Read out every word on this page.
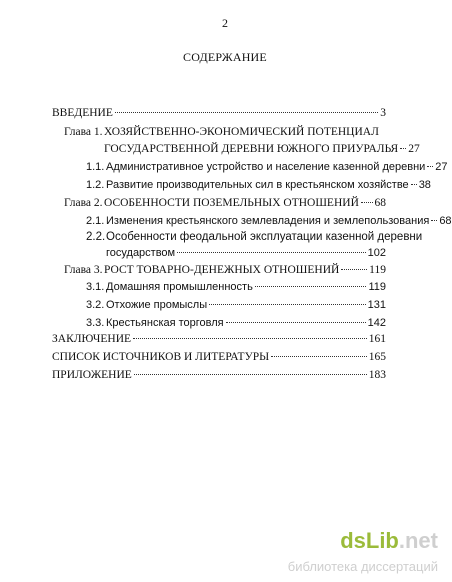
2
СОДЕРЖАНИЕ
ВВЕДЕНИЕ	3
Глава 1. ХОЗЯЙСТВЕННО-ЭКОНОМИЧЕСКИЙ ПОТЕНЦИАЛ
ГОСУДАРСТВЕННОЙ ДЕРЕВНИ ЮЖНОГО ПРИУРАЛЬЯ 27
1.1. Административное устройство и население казенной деревни 27
1.2. Развитие производительных сил в крестьянском хозяйстве 38
Глава 2. ОСОБЕННОСТИ ПОЗЕМЕЛЬНЫХ ОТНОШЕНИЙ 68
2.1. Изменения крестьянского землевладения и землепользования 68
2.2. Особенности феодальной эксплуатации казенной деревни
государством	102
Глава 3. РОСТ ТОВАРНО-ДЕНЕЖНЫХ ОТНОШЕНИЙ	119
3.1. Домашняя промышленность	119
3.2. Отхожие промыслы	131
3.3. Крестьянская торговля	142
ЗАКЛЮЧЕНИЕ	161
СПИСОК ИСТОЧНИКОВ И ЛИТЕРАТУРЫ	165
ПРИЛОЖЕНИЕ	183
dsLib.net
библиотека диссертаций
